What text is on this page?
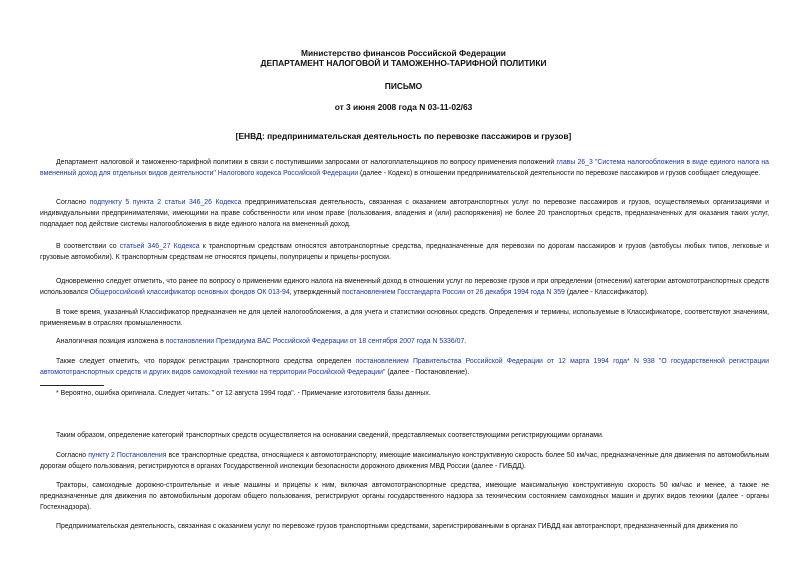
Министерство финансов Российской Федерации
ДЕПАРТАМЕНТ НАЛОГОВОЙ И ТАМОЖЕННО-ТАРИФНОЙ ПОЛИТИКИ
ПИСЬМО
от 3 июня 2008 года N 03-11-02/63
[ЕНВД: предпринимательская деятельность по перевозке пассажиров и грузов]
Департамент налоговой и таможенно-тарифной политики в связи с поступившими запросами от налогоплательщиков по вопросу применения положений главы 26_3 "Система налогообложения в виде единого налога на вмененный доход для отдельных видов деятельности" Налогового кодекса Российской Федерации (далее - Кодекс) в отношении предпринимательской деятельности по перевозке пассажиров и грузов сообщает следующее.
Согласно подпункту 5 пункта 2 статьи 346_26 Кодекса предпринимательская деятельность, связанная с оказанием автотранспортных услуг по перевозке пассажиров и грузов, осуществляемых организациями и индивидуальными предпринимателями, имеющими на праве собственности или ином праве (пользования, владения и (или) распоряжения) не более 20 транспортных средств, предназначенных для оказания таких услуг, подпадает под действие системы налогообложения в виде единого налога на вмененный доход.
В соответствии со статьей 346_27 Кодекса к транспортным средствам относятся автотранспортные средства, предназначенные для перевозки по дорогам пассажиров и грузов (автобусы любых типов, легковые и грузовые автомобили). К транспортным средствам не относятся прицепы, полуприцепы и прицепы-роспуски.
Одновременно следует отметить, что ранее по вопросу о применении единого налога на вмененный доход в отношении услуг по перевозке грузов и при определении (отнесении) категории автомототранспортных средств использовался Общероссийский классификатор основных фондов ОК 013-94, утвержденный постановлением Госстандарта России от 26 декабря 1994 года N 359 (далее - Классификатор).
В тоже время, указанный Классификатор предназначен не для целей налогообложения, а для учета и статистики основных средств. Определения и термины, используемые в Классификаторе, соответствуют значениям, применяемым в отраслях промышленности.
Аналогичная позиция изложена в постановлении Президиума ВАС Российской Федерации от 18 сентября 2007 года N 5336/07.
Также следует отметить, что порядок регистрации транспортного средства определен постановлением Правительства Российской Федерации от 12 марта 1994 года* N 938 "О государственной регистрации автомототранспортных средств и других видов самоходной техники на территории Российской Федерации" (далее - Постановление).
* Вероятно, ошибка оригинала. Следует читать: " от 12 августа 1994 года". - Примечание изготовителя базы данных.
Таким образом, определение категорий транспортных средств осуществляется на основании сведений, представляемых соответствующими регистрирующими органами.
Согласно пункту 2 Постановления все транспортные средства, относящиеся к автомототранспорту, имеющие максимальную конструктивную скорость более 50 км/час, предназначенные для движения по автомобильным дорогам общего пользования, регистрируются в органах Государственной инспекции безопасности дорожного движения МВД России (далее - ГИБДД).
Тракторы, самоходные дорожно-строительные и иные машины и прицепы к ним, включая автомототранспортные средства, имеющие максимальную конструктивную скорость 50 км/час и менее, а также не предназначенные для движения по автомобильным дорогам общего пользования, регистрируют органы государственного надзора за техническим состоянием самоходных машин и других видов техники (далее - органы Гостехнадзора).
Предпринимательская деятельность, связанная с оказанием услуг по перевозке грузов транспортными средствами, зарегистрированными в органах ГИБДД как автотранспорт, предназначенный для движения по
